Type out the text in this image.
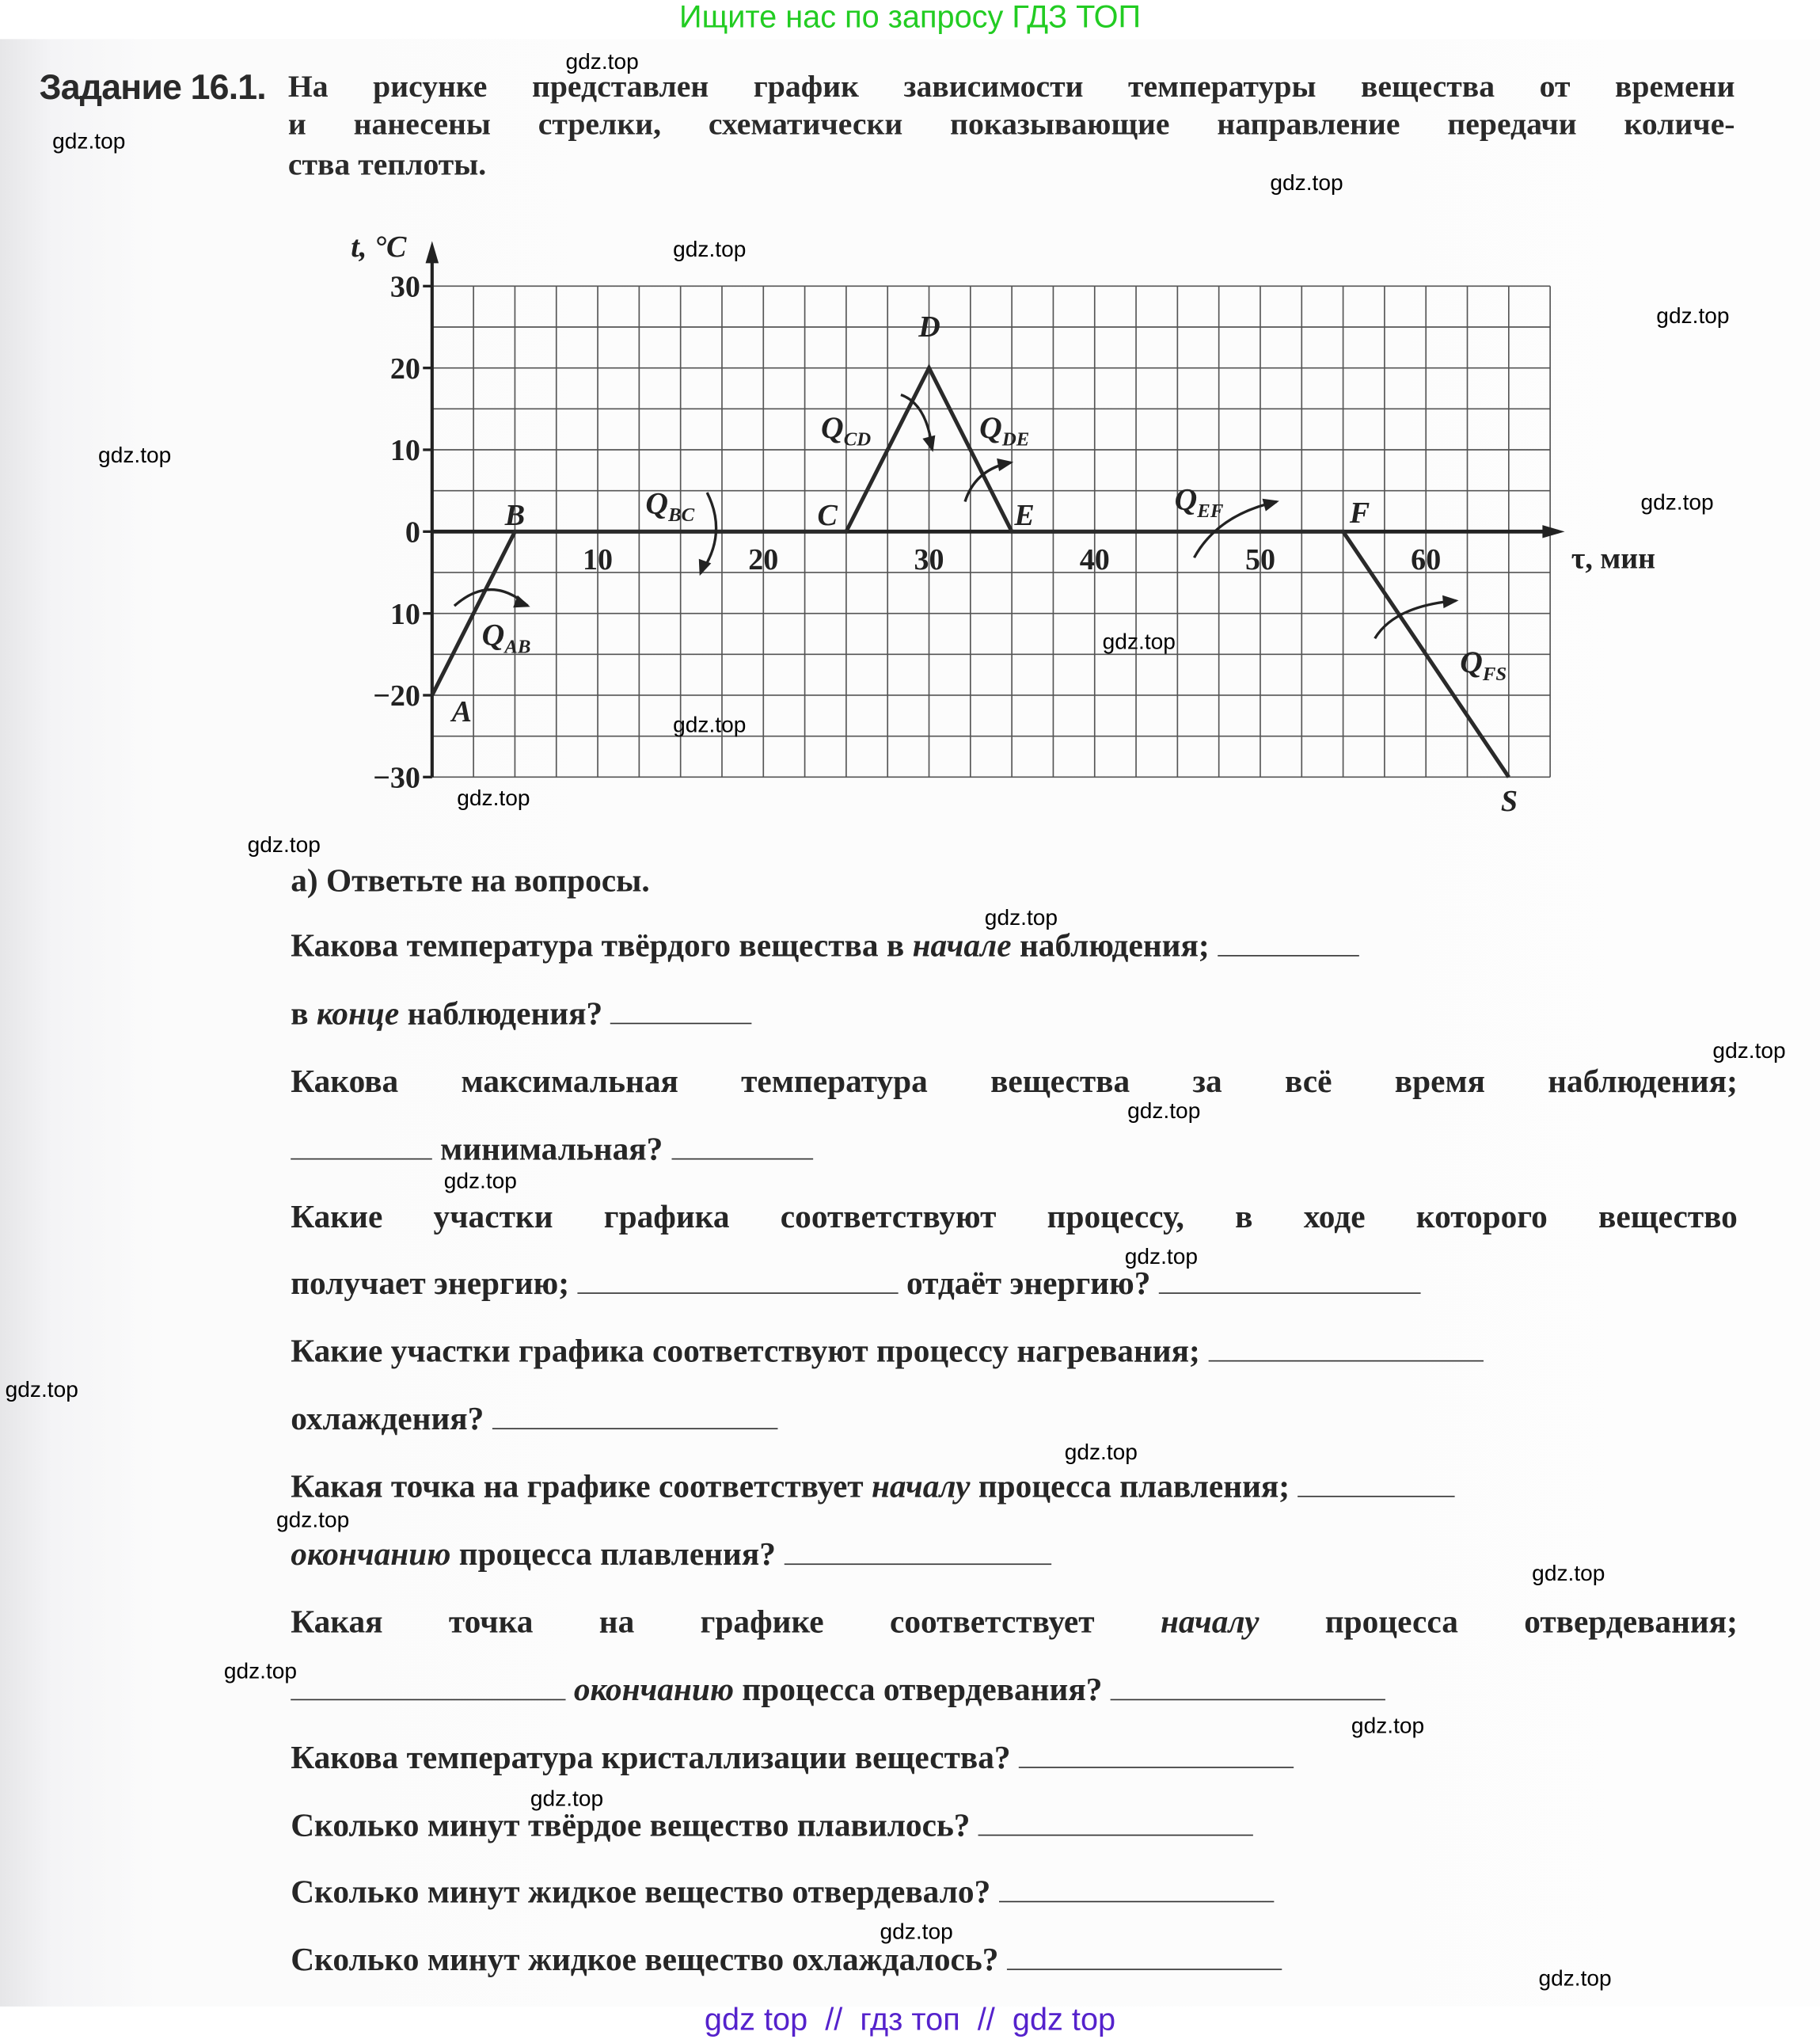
Ищите нас по запросу ГДЗ ТОП
Задание 16.1. На рисунке представлен график зависимости температуры вещества от времени
и нанесены стрелки, схематически показывающие направление передачи количе-
ства теплоты.
t, °C
τ, мин
30
20
10
0
10
−20
−30
10	20	30	40	50	60
A
B	C
D
E	F
S
$Q_{AB}$
$Q_{BC}$
$Q_{CD}$	$Q_{DE}$
$Q_{EF}$
$Q_{FS}$
а) Ответьте на вопросы.
Какова температура твёрдого вещества в начале наблюдения;
в конце наблюдения?
Какова максимальная температура вещества за всё время наблюдения;
минимальная?
Какие участки графика соответствуют процессу, в ходе которого вещество
получает энергию;	отдаёт энергию?
Какие участки графика соответствуют процессу нагревания;
охлаждения?
Какая точка на графике соответствует началу процесса плавления;
окончанию процесса плавления?
Какая точка на графике соответствует началу процесса отвердевания;
окончанию процесса отвердевания?
Какова температура кристаллизации вещества?
Сколько минут твёрдое вещество плавилось?
Сколько минут жидкое вещество отвердевало?
Сколько минут жидкое вещество охлаждалось?
gdz.top
gdz.top
gdz.top
gdz.top
gdz.top
gdz.top
gdz.top
gdz.top
gdz.top
gdz.top
gdz.top
gdz.top
gdz.top
gdz.top
gdz.top
gdz.top
gdz.top
gdz.top
gdz.top
gdz.top
gdz.top
gdz.top
gdz.top
gdz.top
gdz.top
gdz top  //  гдз топ  //  gdz top
